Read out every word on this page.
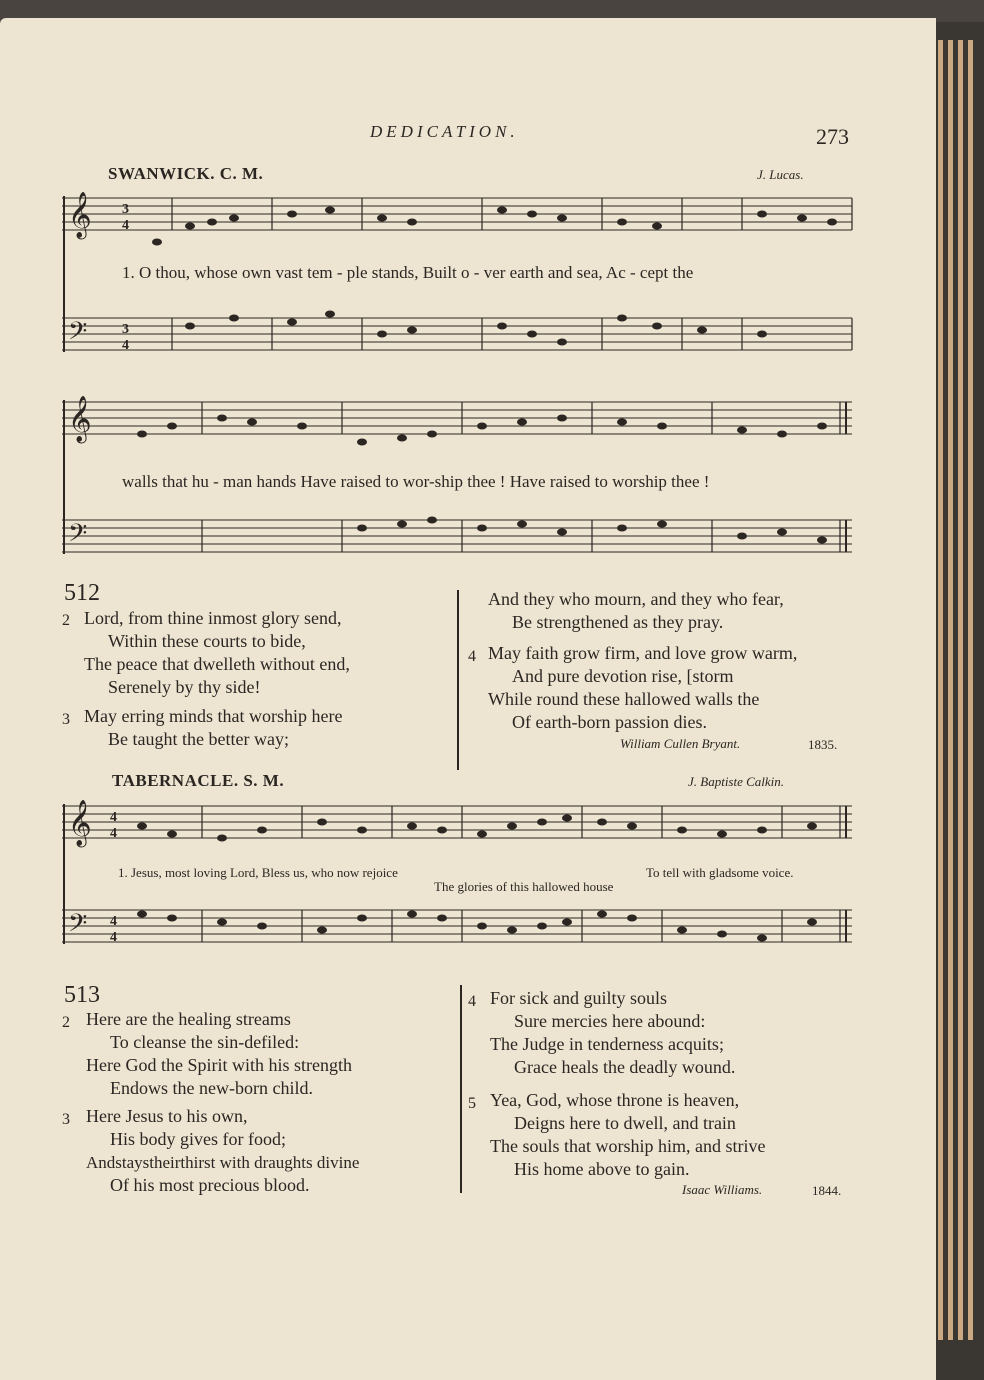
DEDICATION.	273
SWANWICK. C. M.	J. Lucas.
𝄞
𝄢
3
4
3
4
1. O thou, whose own vast tem - ple stands, Built o - ver earth and sea, Ac - cept the
𝄞
𝄢
walls that hu - man hands Have raised to wor-ship thee ! Have raised to worship thee !
512
2 Lord, from thine inmost glory send,
Within these courts to bide,
The peace that dwelleth without end,
Serenely by thy side!
3 May erring minds that worship here
Be taught the better way;
And they who mourn, and they who fear,
Be strengthened as they pray.
4 May faith grow firm, and love grow warm,
And pure devotion rise, [storm
While round these hallowed walls the
Of earth-born passion dies.
William Cullen Bryant.	1835.
TABERNACLE. S. M.	J. Baptiste Calkin.
𝄞
𝄢
4
4
4
4
1. Jesus, most loving Lord, Bless us, who now rejoice	To tell with gladsome voice.
The glories of this hallowed house
513
2 Here are the healing streams
To cleanse the sin-defiled:
Here God the Spirit with his strength
Endows the new-born child.
3 Here Jesus to his own,
His body gives for food;
Andstaystheirthirst with draughts divine
Of his most precious blood.
4 For sick and guilty souls
Sure mercies here abound:
The Judge in tenderness acquits;
Grace heals the deadly wound.
5 Yea, God, whose throne is heaven,
Deigns here to dwell, and train
The souls that worship him, and strive
His home above to gain.
Isaac Williams.	1844.
